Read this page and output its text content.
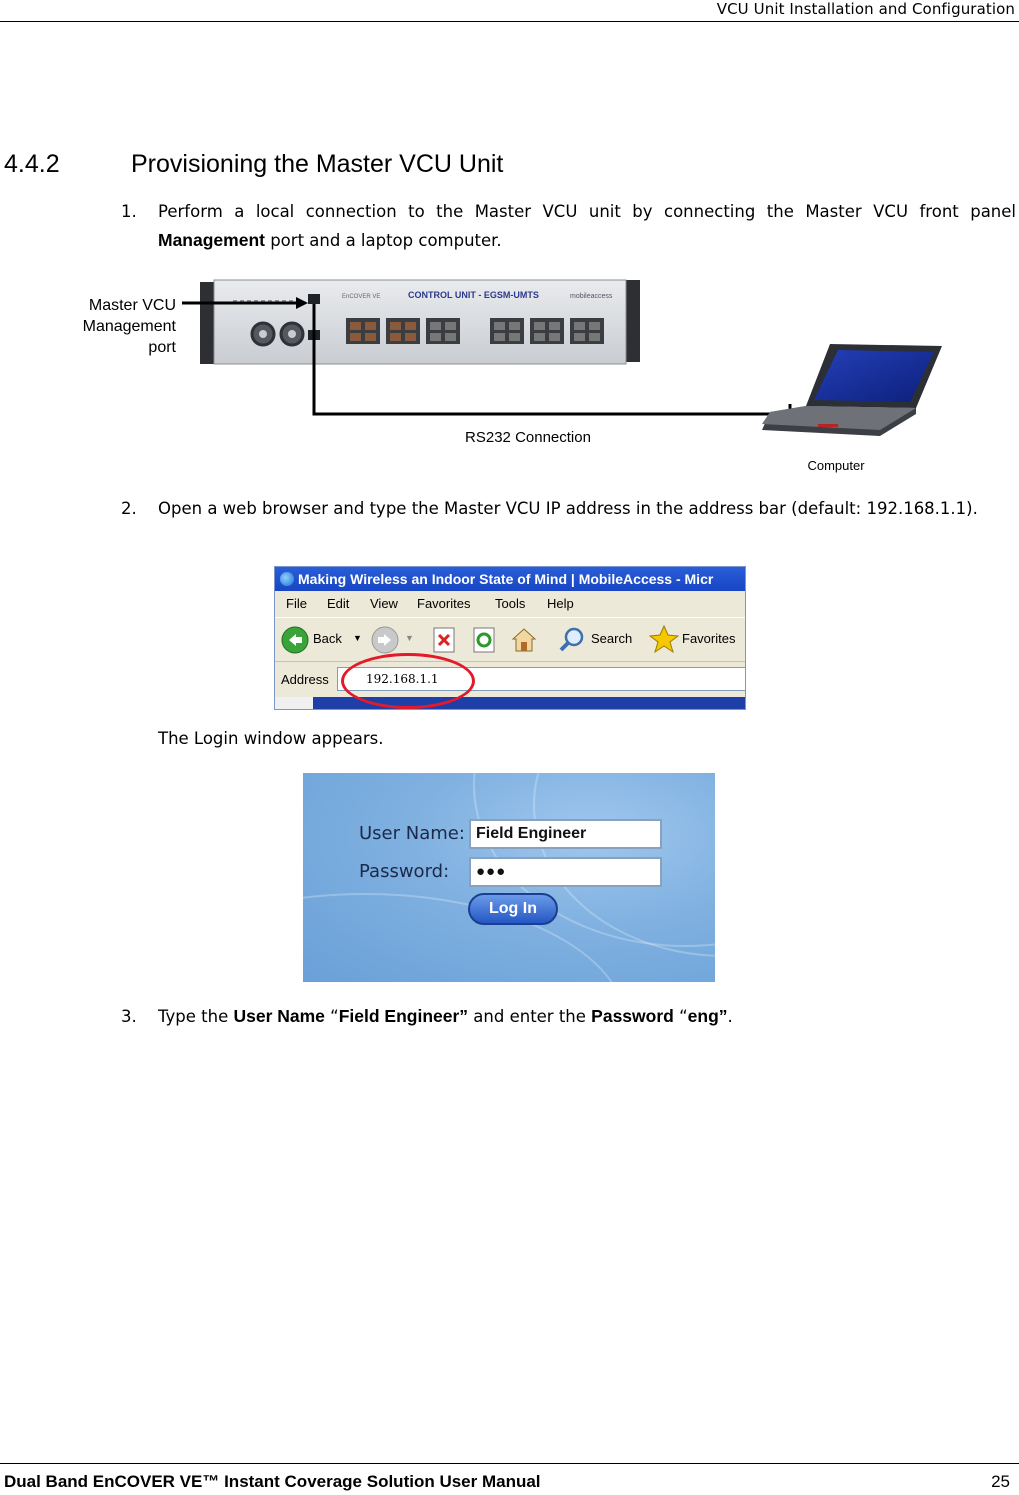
VCU Unit Installation and Configuration
4.4.2	Provisioning the Master VCU Unit
1. Perform a local connection to the Master VCU unit by connecting the Master VCU front panel Management port and a laptop computer.
EnCOVER VE	CONTROL UNIT - EGSM-UMTS	mobileaccess
Master VCU
Management
port
RS232 Connection
Computer
2. Open a web browser and type the Master VCU IP address in the address bar (default: 192.168.1.1).
Making Wireless an Indoor State of Mind | MobileAccess - Micr
File Edit View Favorites Tools Help
Back ▼	▼	Search	Favorites
Address	192.168.1.1
The Login window appears.
User Name: Field Engineer
Password:	●●●
Log In
3. Type the User Name “Field Engineer” and enter the Password “eng”.
Dual Band EnCOVER VE™ Instant Coverage Solution User Manual	25
